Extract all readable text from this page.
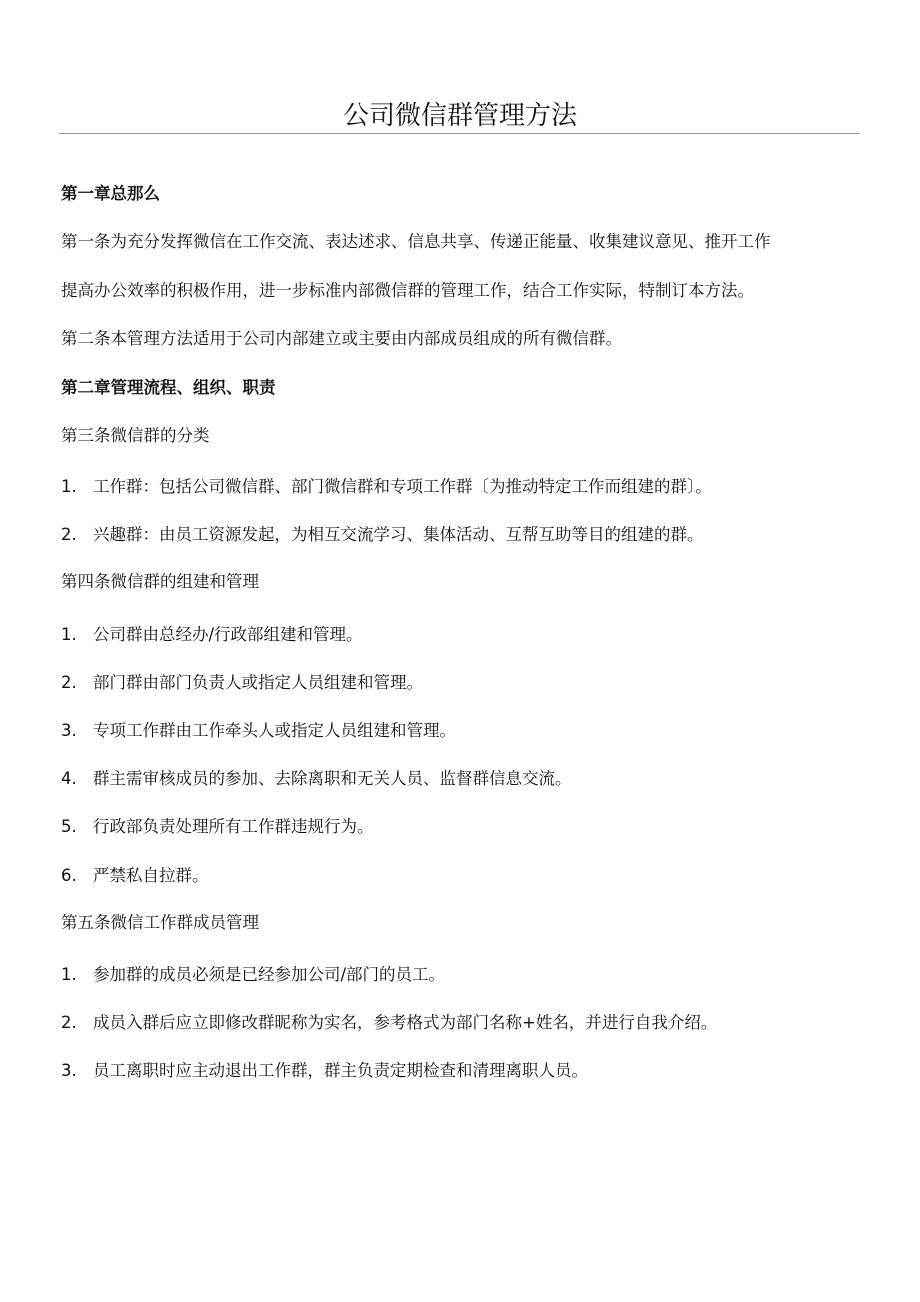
公司微信群管理方法

第一章总那么

第一条为充分发挥微信在工作交流、表达述求、信息共享、传递正能量、收集建议意见、推开工作

提高办公效率的积极作用，进一步标准内部微信群的管理工作，结合工作实际，特制订本方法。

第二条本管理方法适用于公司内部建立或主要由内部成员组成的所有微信群。

第二章管理流程、组织、职责

第三条微信群的分类

1. 工作群：包括公司微信群、部门微信群和专项工作群〔为推动特定工作而组建的群〕。

2. 兴趣群：由员工资源发起，为相互交流学习、集体活动、互帮互助等目的组建的群。

第四条微信群的组建和管理

1. 公司群由总经办/行政部组建和管理。

2. 部门群由部门负责人或指定人员组建和管理。

3. 专项工作群由工作牵头人或指定人员组建和管理。

4. 群主需审核成员的参加、去除离职和无关人员、监督群信息交流。

5. 行政部负责处理所有工作群违规行为。

6. 严禁私自拉群。

第五条微信工作群成员管理

1. 参加群的成员必须是已经参加公司/部门的员工。

2. 成员入群后应立即修改群昵称为实名，参考格式为部门名称+姓名，并进行自我介绍。

3. 员工离职时应主动退出工作群，群主负责定期检查和清理离职人员。
